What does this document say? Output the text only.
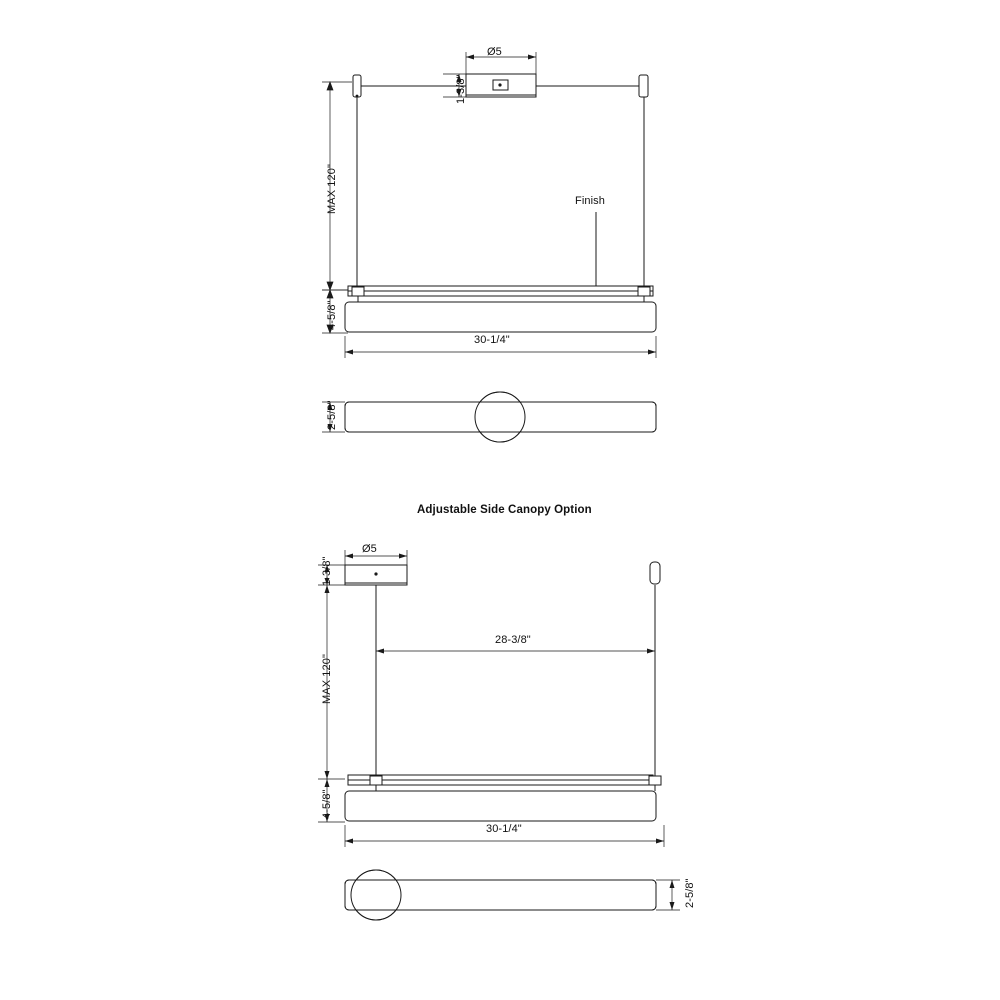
Ø5
1-3/8"
MAX 120"
4-5/8"
Finish
30-1/4"
2-5/8"
Adjustable Side Canopy Option
Ø5
1-3/8"
MAX 120"
4-5/8"
28-3/8"
30-1/4"
2-5/8"
